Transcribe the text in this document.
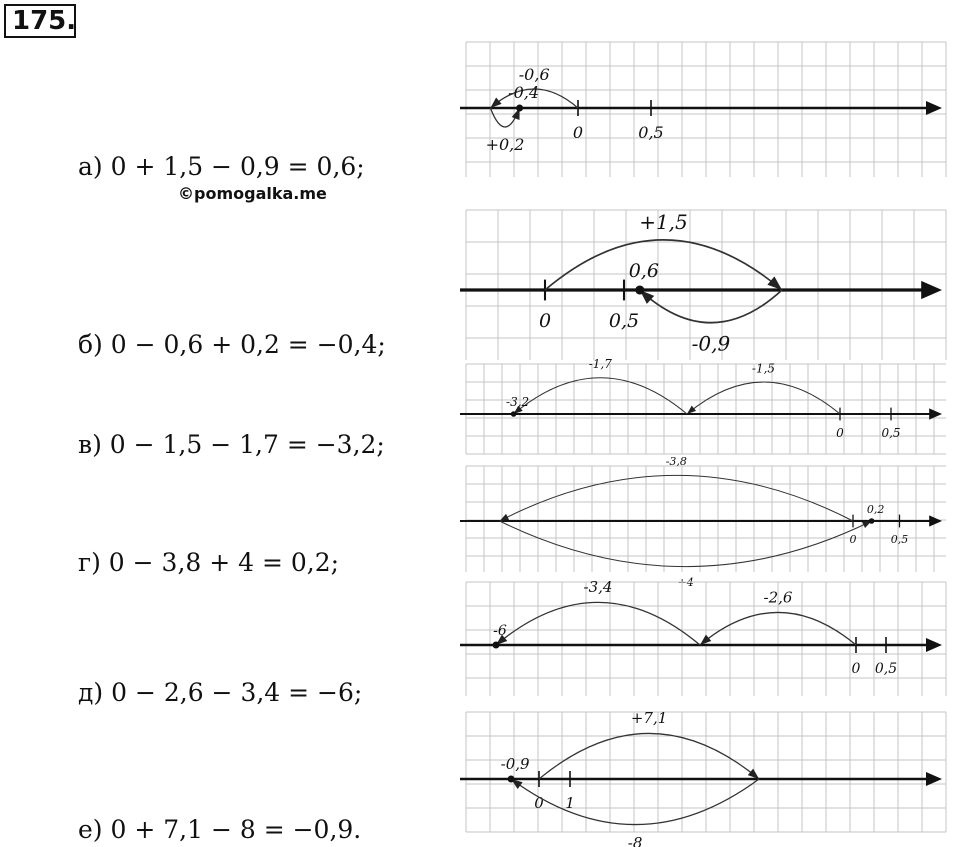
175.
а) 0 + 1,5 − 0,9 = 0,6;
©pomogalka.me
б) 0 − 0,6 + 0,2 = −0,4;
в) 0 − 1,5 − 1,7 = −3,2;
г) 0 − 3,8 + 4 = 0,2;
д) 0 − 2,6 − 3,4 = −6;
е) 0 + 7,1 − 8 = −0,9.
0	0,5
-0,6
+0,2
-0,4
0	0,5
+1,5
-0,9
0,6
0	0,5
-1,5
-1,7
-3,2
0	0,5
-3,8
+4
0,2
0 0,5
-2,6
-3,4
-6
0 1
+7,1
-8
-0,9
